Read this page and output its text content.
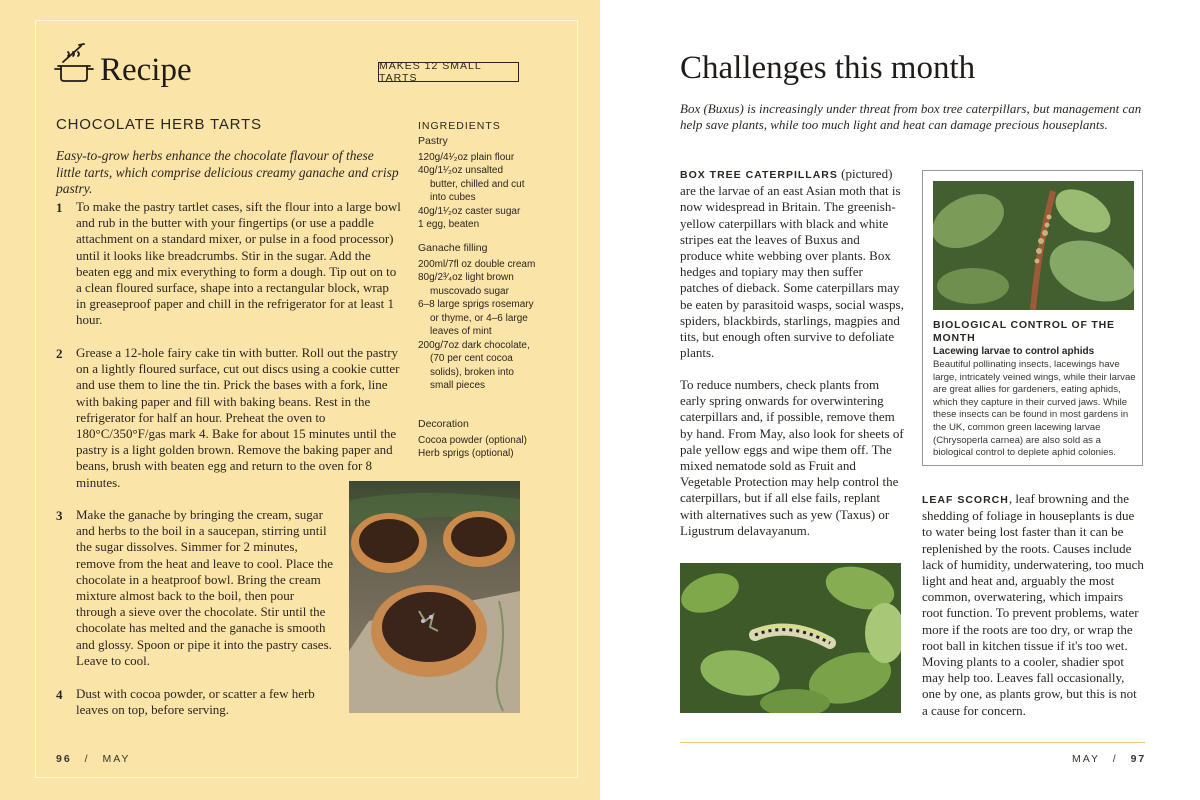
Recipe	MAKES 12 SMALL TARTS
CHOCOLATE HERB TARTS
Easy-to-grow herbs enhance the chocolate flavour of these little tarts, which comprise delicious creamy ganache and crisp pastry.
1 To make the pastry tartlet cases, sift the flour into a large bowl and rub in the butter with your fingertips (or use a paddle attachment on a standard mixer, or pulse in a food processor) until it looks like breadcrumbs. Stir in the sugar. Add the beaten egg and mix everything to form a dough. Tip out on to a clean floured surface, shape into a rectangular block, wrap in greaseproof paper and chill in the refrigerator for at least 1 hour.
2 Grease a 12-hole fairy cake tin with butter. Roll out the pastry on a lightly floured surface, cut out discs using a cookie cutter and use them to line the tin. Prick the bases with a fork, line with baking paper and fill with baking beans. Rest in the refrigerator for half an hour. Preheat the oven to 180°C/350°F/gas mark 4. Bake for about 15 minutes until the pastry is a light golden brown. Remove the baking paper and beans, brush with beaten egg and return to the oven for 8 minutes.
3 Make the ganache by bringing the cream, sugar and herbs to the boil in a saucepan, stirring until the sugar dissolves. Simmer for 2 minutes, remove from the heat and leave to cool. Place the chocolate in a heatproof bowl. Bring the cream mixture almost back to the boil, then pour through a sieve over the chocolate. Stir until the chocolate has melted and the ganache is smooth and glossy. Spoon or pipe it into the pastry cases. Leave to cool.
4 Dust with cocoa powder, or scatter a few herb leaves on top, before serving.
INGREDIENTS
Pastry
120g/4¹⁄₂oz plain flour
40g/1¹⁄₂oz unsalted butter, chilled and cut into cubes
40g/1¹⁄₂oz caster sugar
1 egg, beaten
Ganache filling
200ml/7fl oz double cream
80g/2³⁄₄oz light brown muscovado sugar
6–8 large sprigs rosemary or thyme, or 4–6 large leaves of mint
200g/7oz dark chocolate, (70 per cent cocoa solids), broken into small pieces
Decoration
Cocoa powder (optional)
Herb sprigs (optional)
96 / MAY
Challenges this month
Box (Buxus) is increasingly under threat from box tree caterpillars, but management can help save plants, while too much light and heat can damage precious houseplants.
BOX TREE CATERPILLARS (pictured) are the larvae of an east Asian moth that is now widespread in Britain. The greenish-yellow caterpillars with black and white stripes eat the leaves of Buxus and produce white webbing over plants. Box hedges and topiary may then suffer patches of dieback. Some caterpillars may be eaten by parasitoid wasps, social wasps, spiders, blackbirds, starlings, magpies and tits, but enough often survive to defoliate plants.
To reduce numbers, check plants from early spring onwards for overwintering caterpillars and, if possible, remove them by hand. From May, also look for sheets of pale yellow eggs and wipe them off. The mixed nematode sold as Fruit and Vegetable Protection may help control the caterpillars, but if all else fails, replant with alternatives such as yew (Taxus) or Ligustrum delavayanum.
BIOLOGICAL CONTROL OF THE MONTH
Lacewing larvae to control aphids
Beautiful pollinating insects, lacewings have large, intricately veined wings, while their larvae are great allies for gardeners, eating aphids, which they capture in their curved jaws. While these insects can be found in most gardens in the UK, common green lacewing larvae (Chrysoperla carnea) are also sold as a biological control to deplete aphid colonies.
LEAF SCORCH, leaf browning and the shedding of foliage in houseplants is due to water being lost faster than it can be replenished by the roots. Causes include lack of humidity, underwatering, too much light and heat and, arguably the most common, overwatering, which impairs root function. To prevent problems, water more if the roots are too dry, or wrap the root ball in kitchen tissue if it's too wet. Moving plants to a cooler, shadier spot may help too. Leaves fall occasionally, one by one, as plants grow, but this is not a cause for concern.
MAY / 97
